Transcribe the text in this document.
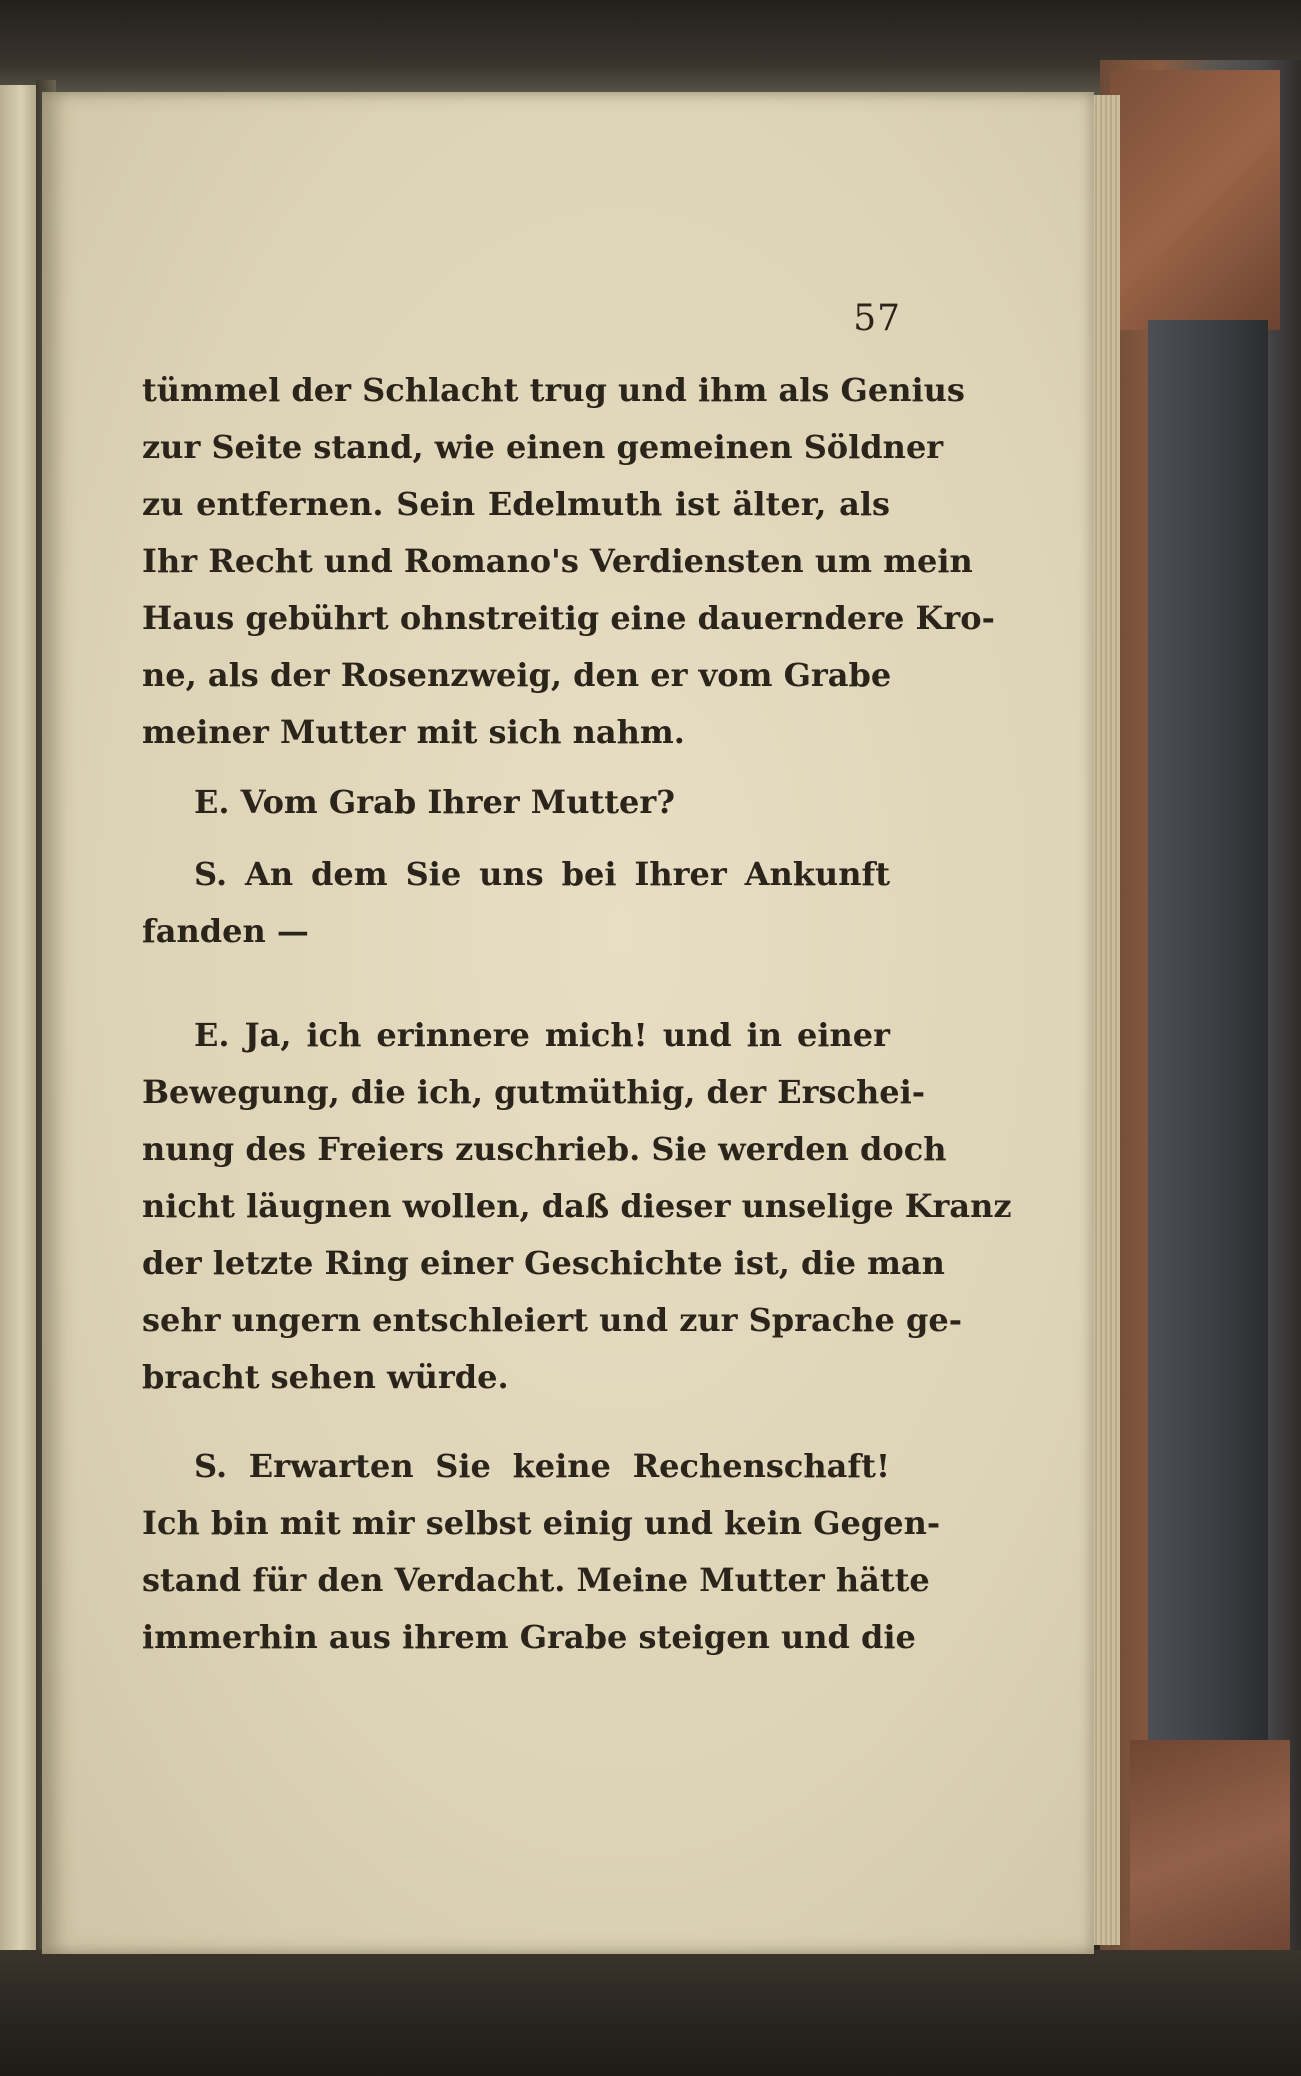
57
tümmel der Schlacht trug und ihm als Genius
zur Seite stand, wie einen gemeinen Söldner
zu entfernen. Sein Edelmuth ist älter, als
Ihr Recht und Romano's Verdiensten um mein
Haus gebührt ohnstreitig eine dauerndere Kro-
ne, als der Rosenzweig, den er vom Grabe
meiner Mutter mit sich nahm.
E. Vom Grab Ihrer Mutter?
S. An dem Sie uns bei Ihrer Ankunft
fanden —
E. Ja, ich erinnere mich! und in einer
Bewegung, die ich, gutmüthig, der Erschei-
nung des Freiers zuschrieb. Sie werden doch
nicht läugnen wollen, daß dieser unselige Kranz
der letzte Ring einer Geschichte ist, die man
sehr ungern entschleiert und zur Sprache ge-
bracht sehen würde.
S. Erwarten Sie keine Rechenschaft!
Ich bin mit mir selbst einig und kein Gegen-
stand für den Verdacht. Meine Mutter hätte
immerhin aus ihrem Grabe steigen und die
